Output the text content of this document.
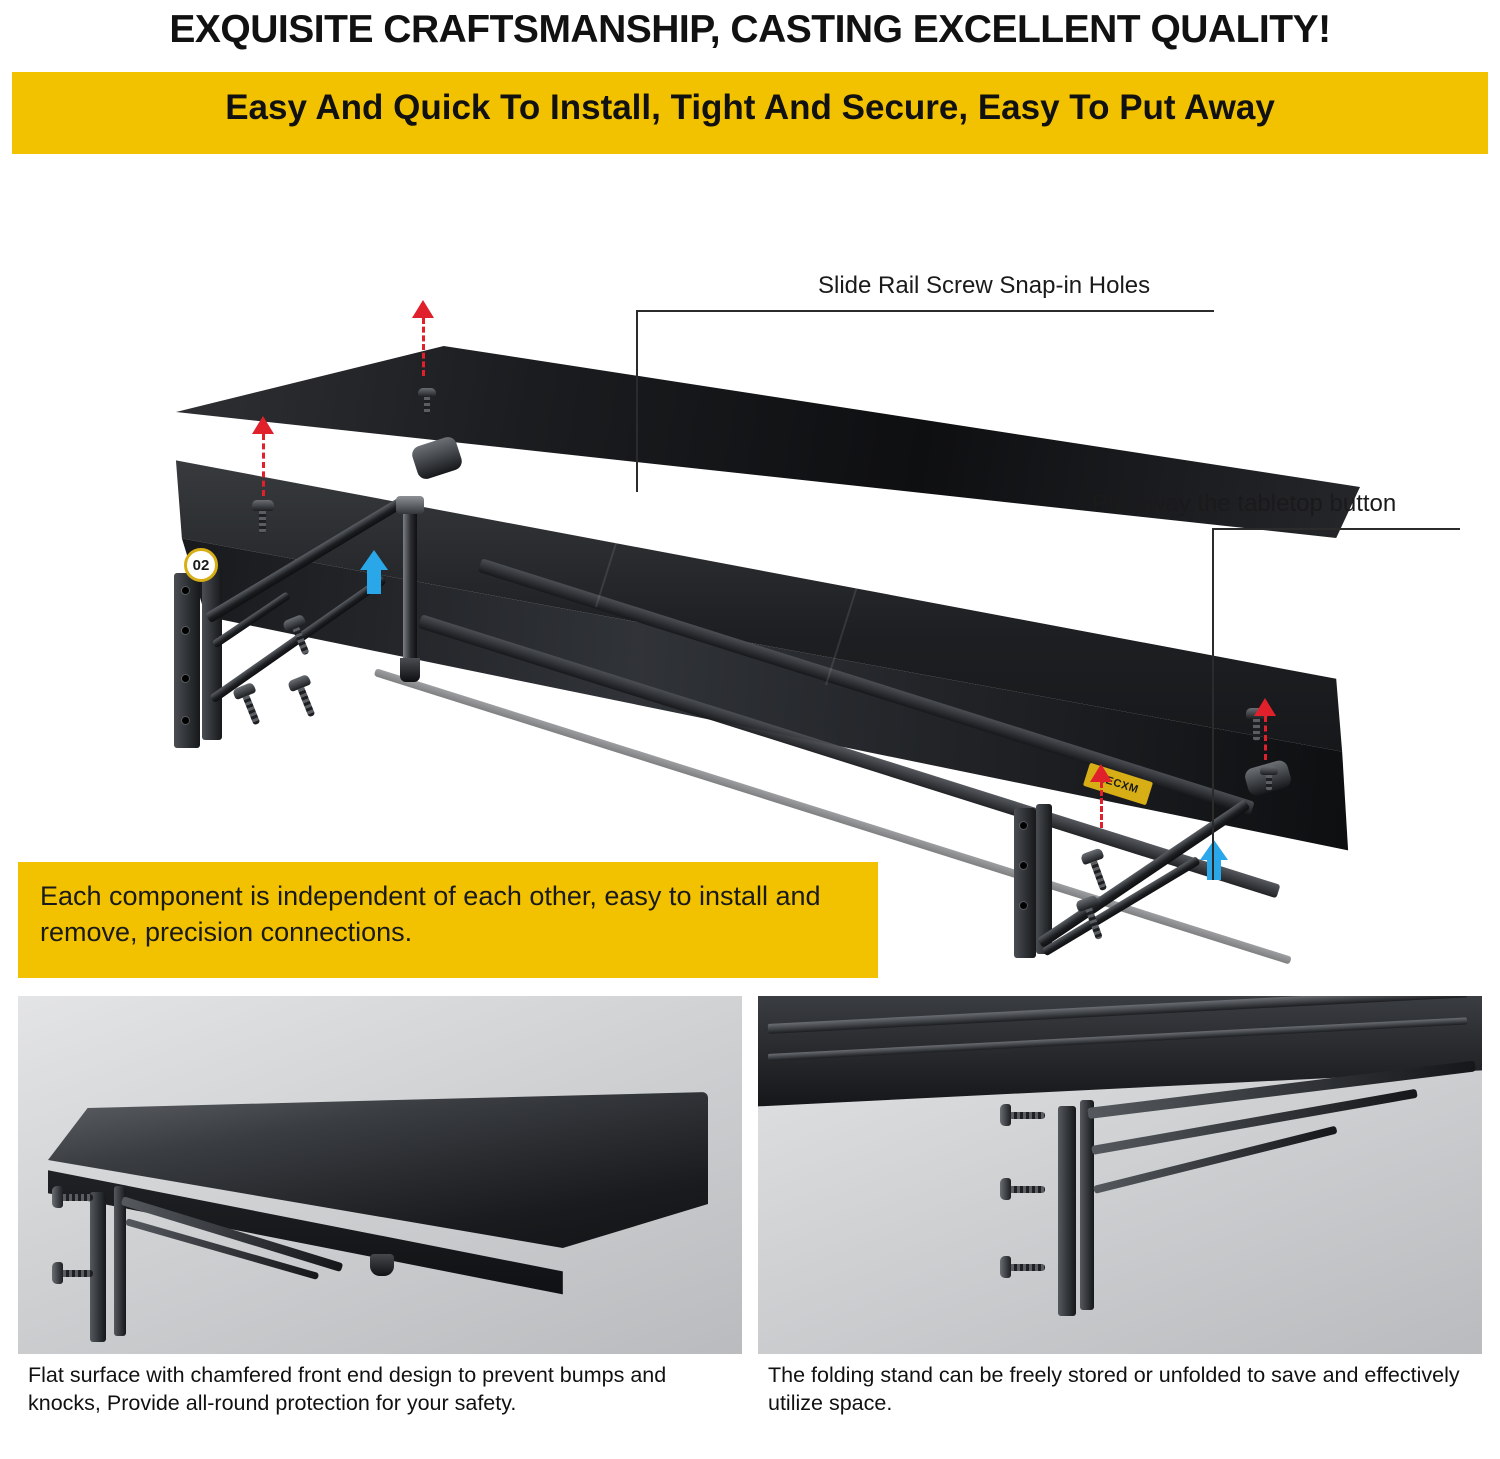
EXQUISITE CRAFTSMANSHIP, CASTING EXCELLENT QUALITY!
Easy And Quick To Install, Tight And Secure, Easy To Put Away
AECXM
02
Slide Rail Screw Snap-in Holes
Put away the tabletop button
Each component is independent of each other, easy to install and remove, precision connections.
Flat surface with chamfered front end design to prevent bumps and knocks, Provide all-round protection for your safety.
The folding stand can be freely stored or unfolded to save and effectively utilize space.
